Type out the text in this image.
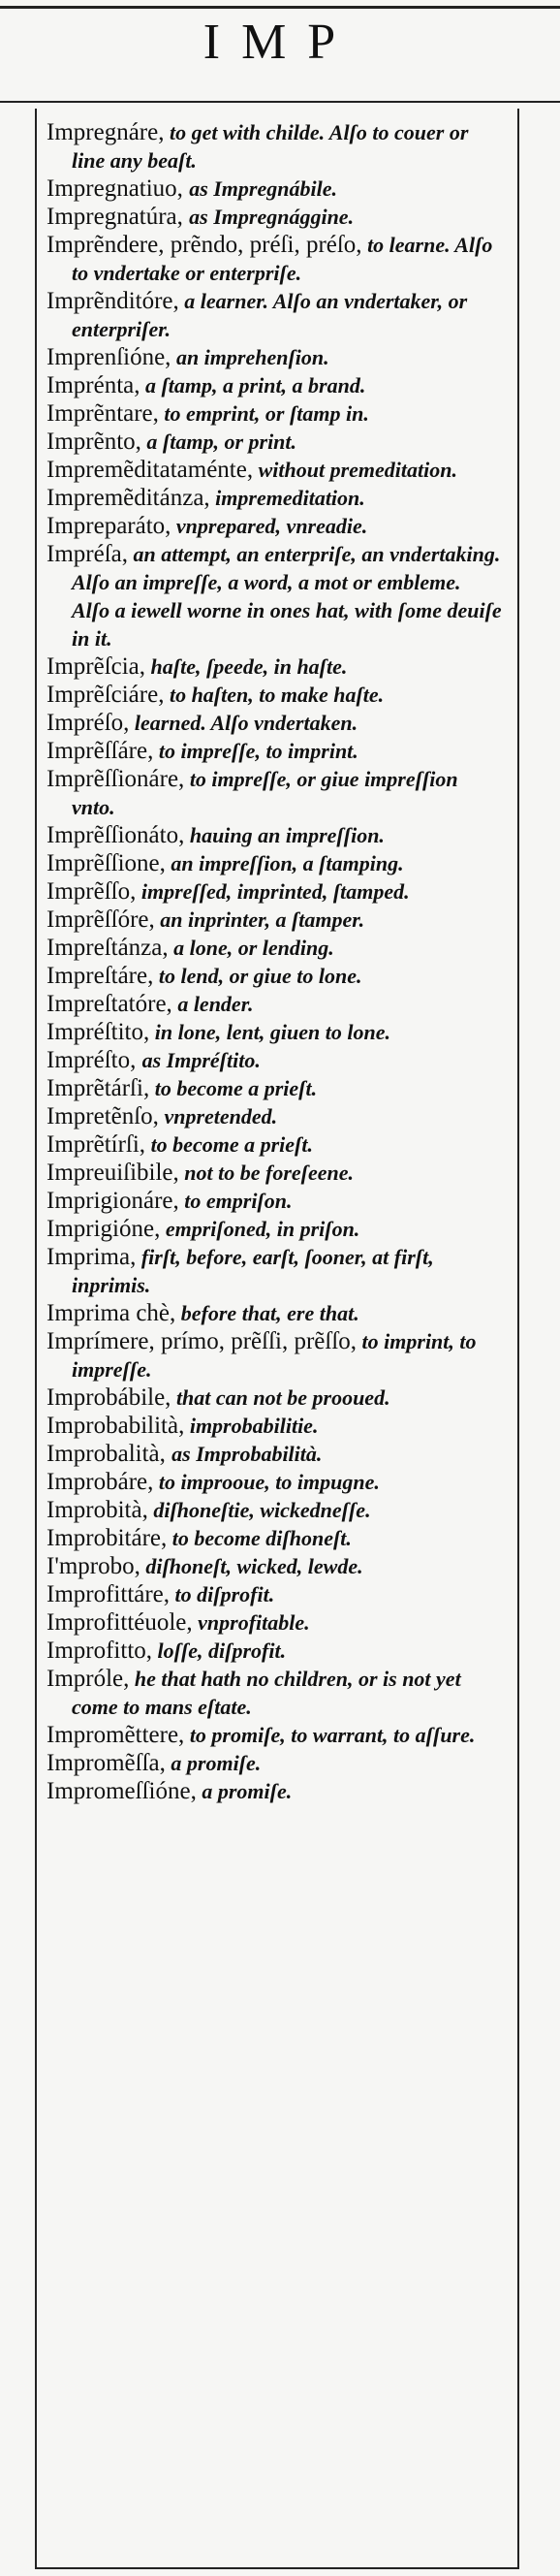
IMP

Impregnáre, to get with childe. Alſo to couer or line any beaſt.

Impregnatiuo, as Impregnábile.

Impregnatúra, as Impregnággine.

Imprẽndere, prẽndo, préſi, préſo, to learne. Alſo to vndertake or enterpriſe.

Imprẽnditóre, a learner. Alſo an vndertaker, or enterpriſer.

Imprenſióne, an imprehenſion.

Imprénta, a ſtamp, a print, a brand.

Imprẽntare, to emprint, or ſtamp in.

Imprẽnto, a ſtamp, or print.

Impremẽditataménte, without premeditation.

Impremẽditánza, impremeditation.

Impreparáto, vnprepared, vnreadie.

Impréſa, an attempt, an enterpriſe, an vndertaking. Alſo an impreſſe, a word, a mot or embleme. Alſo a iewell worne in ones hat, with ſome deuiſe in it.

Imprẽſcia, haſte, ſpeede, in haſte.

Imprẽſciáre, to haſten, to make haſte.

Impréſo, learned. Alſo vndertaken.

Imprẽſſáre, to impreſſe, to imprint.

Imprẽſſionáre, to impreſſe, or giue impreſſion vnto.

Imprẽſſionáto, hauing an impreſſion.

Imprẽſſione, an impreſſion, a ſtamping.

Imprẽſſo, impreſſed, imprinted, ſtamped.

Imprẽſſóre, an inprinter, a ſtamper.

Impreſtánza, a lone, or lending.

Impreſtáre, to lend, or giue to lone.

Impreſtatóre, a lender.

Impréſtito, in lone, lent, giuen to lone.

Impréſto, as Impréſtito.

Imprẽtárſi, to become a prieſt.

Impretẽnſo, vnpretended.

Imprẽtírſi, to become a prieſt.

Impreuiſibile, not to be foreſeene.

Imprigionáre, to empriſon.

Imprigióne, empriſoned, in priſon.

Imprima, firſt, before, earſt, ſooner, at firſt, inprimis.

Imprima chè, before that, ere that.

Imprímere, prímo, prẽſſi, prẽſſo, to imprint, to impreſſe.

Improbábile, that can not be prooued.

Improbabilità, improbabilitie.

Improbalità, as Improbabilità.

Improbáre, to improoue, to impugne.

Improbità, diſhoneſtie, wickedneſſe.

Improbitáre, to become diſhoneſt.

I'mprobo, diſhoneſt, wicked, lewde.

Improfittáre, to diſprofit.

Improfittéuole, vnprofitable.

Improfitto, loſſe, diſprofit.

Impróle, he that hath no children, or is not yet come to mans eſtate.

Impromẽttere, to promiſe, to warrant, to aſſure.

Impromẽſſa, a promiſe.

Impromeſſióne, a promiſe.
